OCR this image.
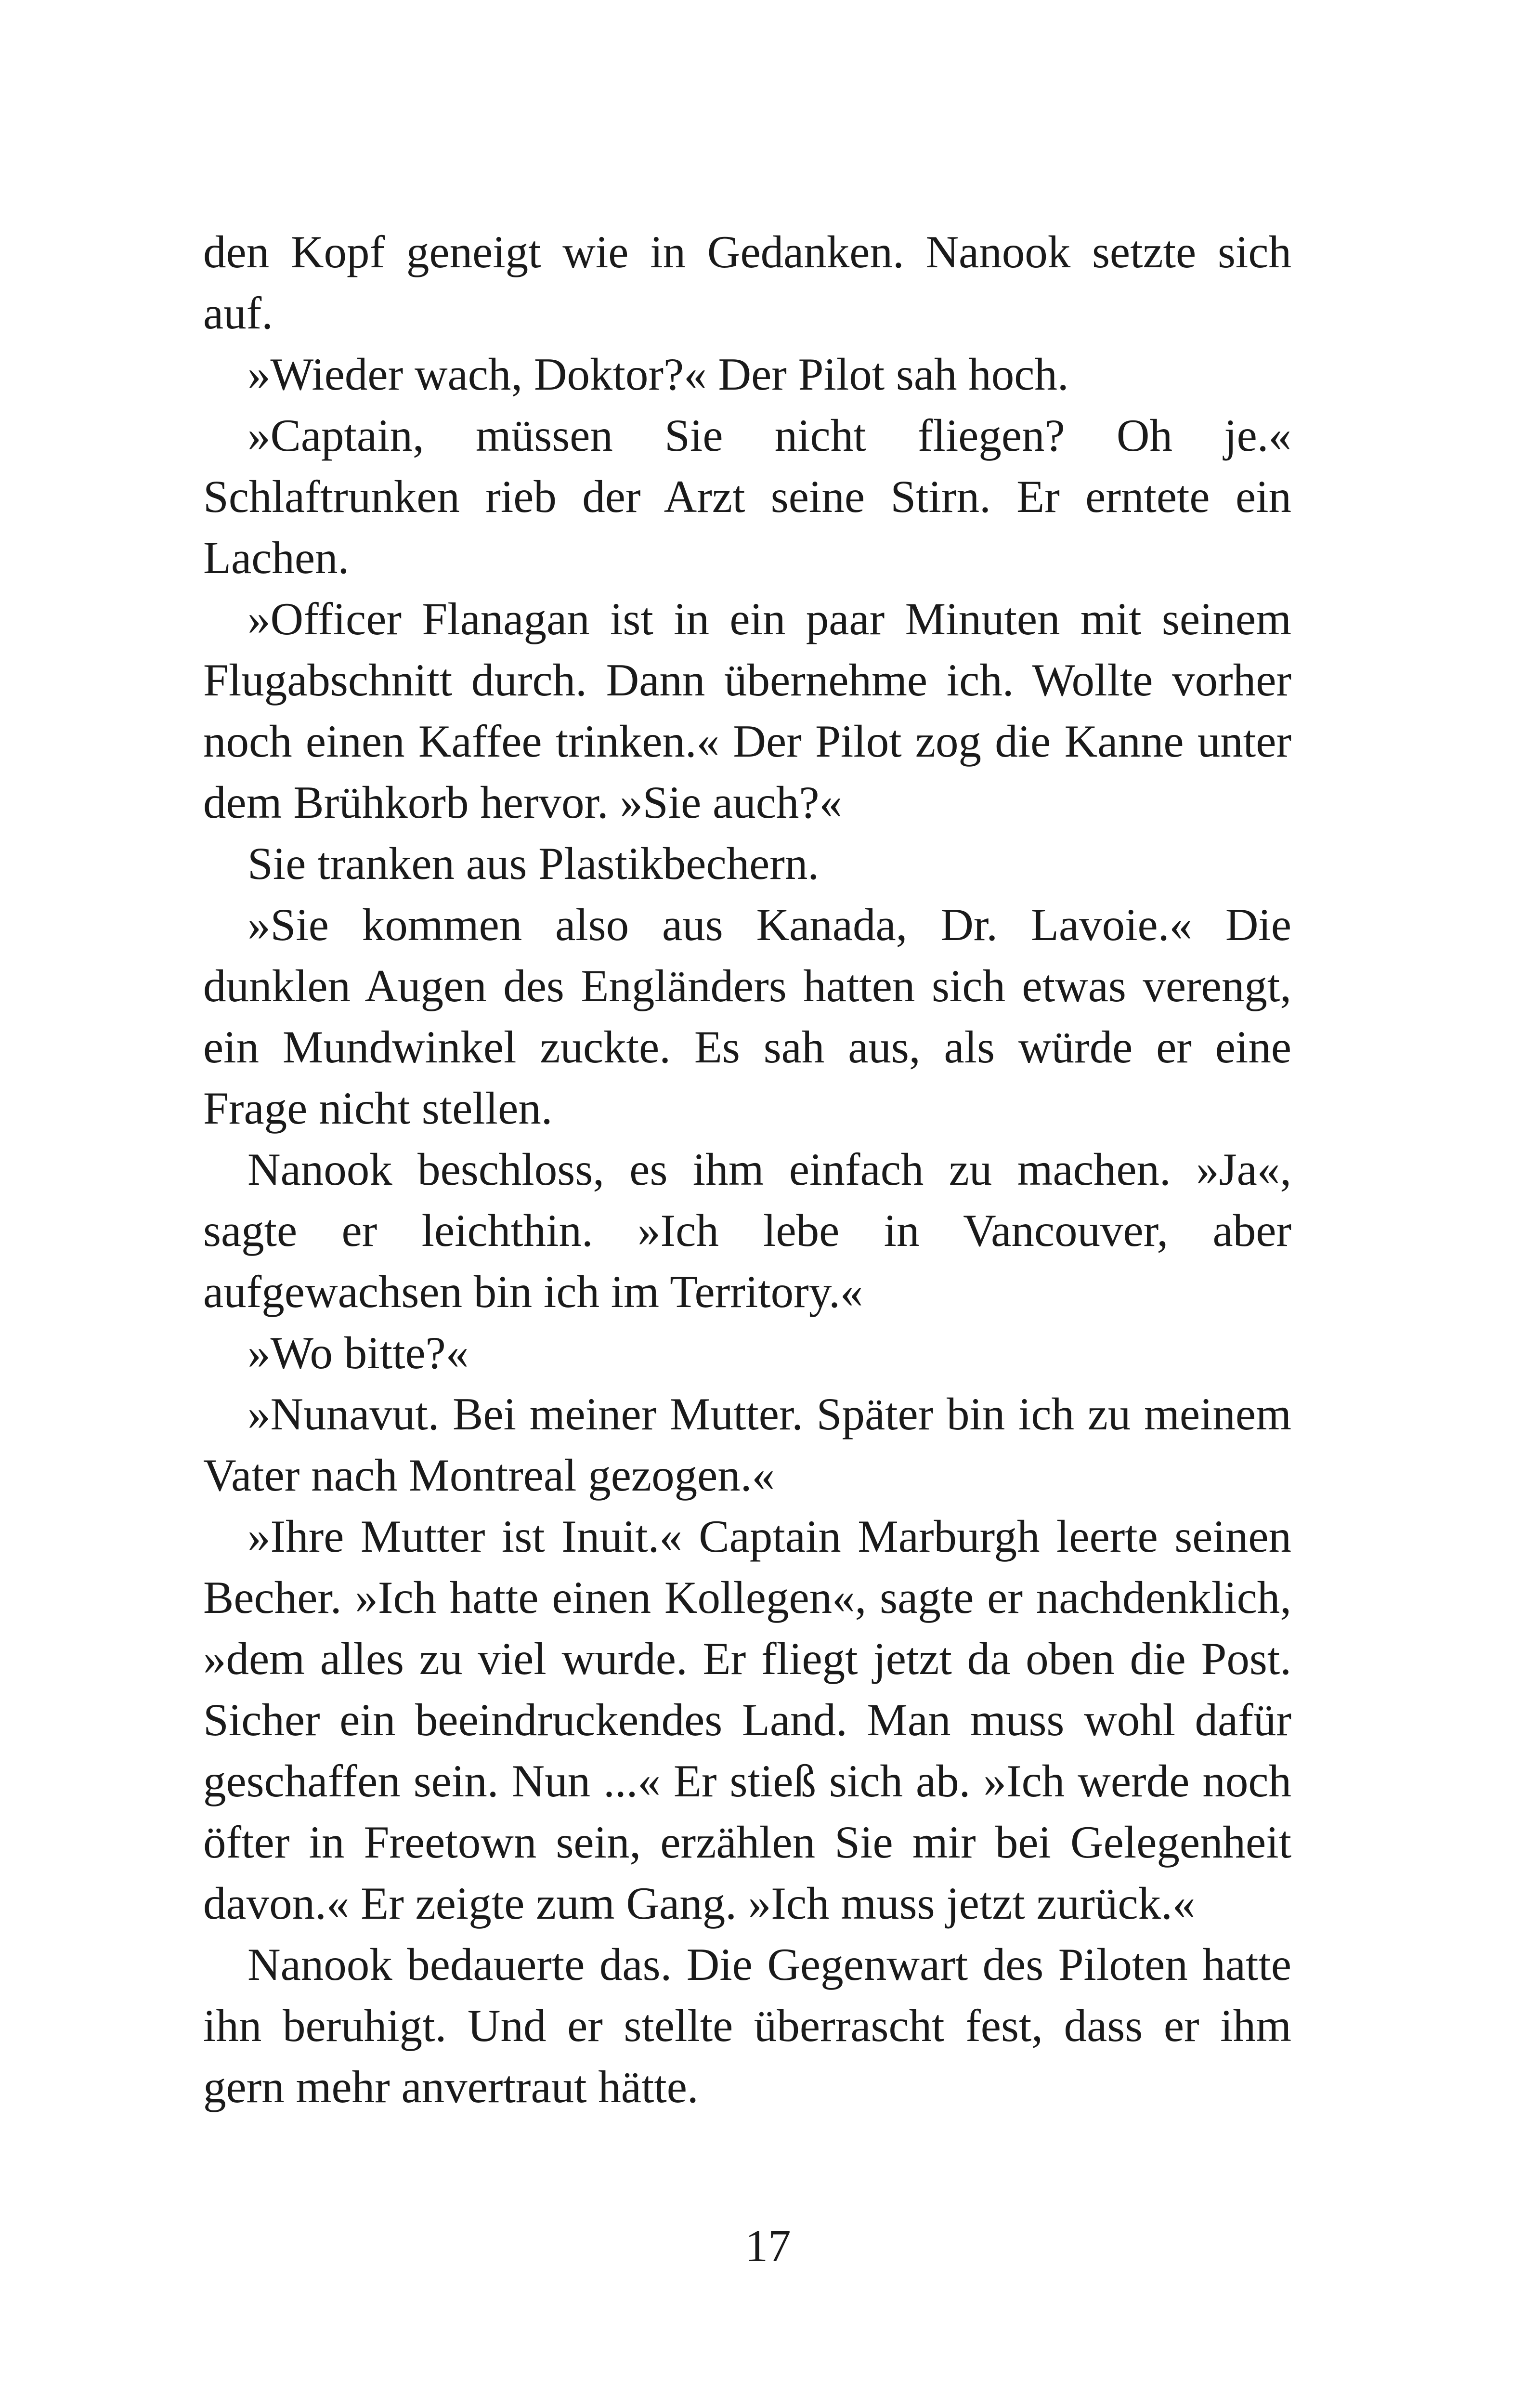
den Kopf geneigt wie in Gedanken. Nanook setzte sich auf.

»Wieder wach, Doktor?« Der Pilot sah hoch.

»Captain, müssen Sie nicht fliegen? Oh je.« Schlaftrunken rieb der Arzt seine Stirn. Er erntete ein Lachen.

»Officer Flanagan ist in ein paar Minuten mit seinem Flugabschnitt durch. Dann übernehme ich. Wollte vorher noch einen Kaffee trinken.« Der Pilot zog die Kanne unter dem Brühkorb hervor. »Sie auch?«

Sie tranken aus Plastikbechern.

»Sie kommen also aus Kanada, Dr. Lavoie.« Die dunklen Augen des Engländers hatten sich etwas verengt, ein Mundwinkel zuckte. Es sah aus, als würde er eine Frage nicht stellen.

Nanook beschloss, es ihm einfach zu machen. »Ja«, sagte er leichthin. »Ich lebe in Vancouver, aber aufgewachsen bin ich im Territory.«

»Wo bitte?«

»Nunavut. Bei meiner Mutter. Später bin ich zu meinem Vater nach Montreal gezogen.«

»Ihre Mutter ist Inuit.« Captain Marburgh leerte seinen Becher. »Ich hatte einen Kollegen«, sagte er nachdenklich, »dem alles zu viel wurde. Er fliegt jetzt da oben die Post. Sicher ein beeindruckendes Land. Man muss wohl dafür geschaffen sein. Nun ...« Er stieß sich ab. »Ich werde noch öfter in Freetown sein, erzählen Sie mir bei Gelegenheit davon.« Er zeigte zum Gang. »Ich muss jetzt zurück.«

Nanook bedauerte das. Die Gegenwart des Piloten hatte ihn beruhigt. Und er stellte überrascht fest, dass er ihm gern mehr anvertraut hätte.

17
